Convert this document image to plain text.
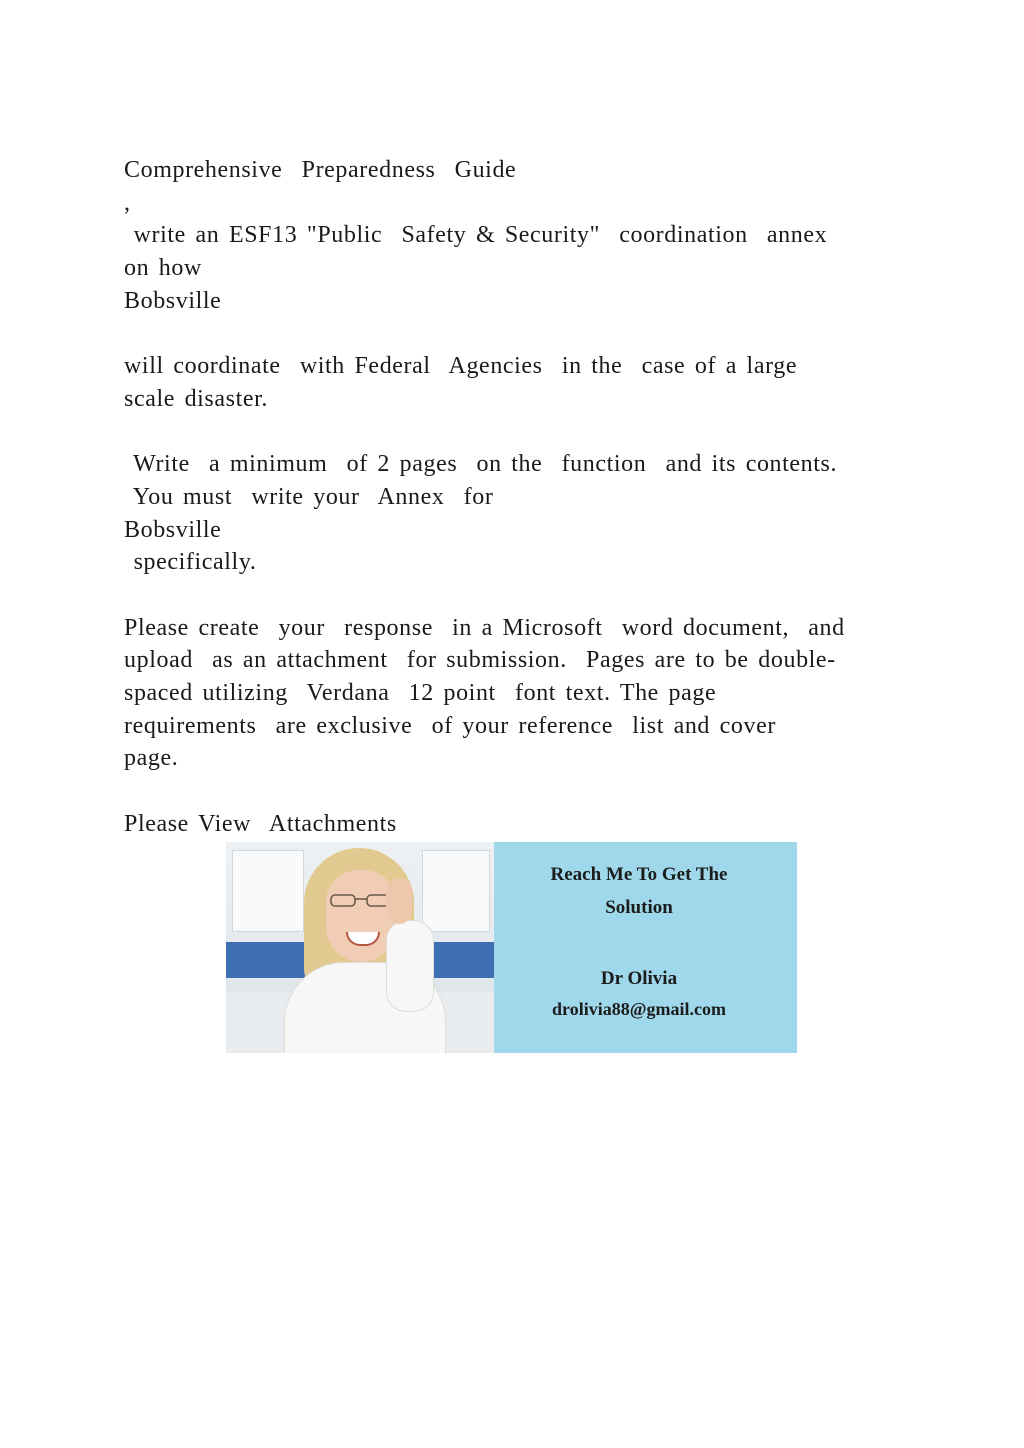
Comprehensive  Preparedness  Guide
,
write an ESF13 "Public  Safety & Security"  coordination  annex
on how
Bobsville
will coordinate  with Federal  Agencies  in the  case of a large
scale disaster.
Write  a minimum  of 2 pages  on the  function  and its contents.
You must  write your  Annex  for
Bobsville
specifically.
Please create  your  response  in a Microsoft  word document,  and
upload  as an attachment  for submission.  Pages are to be double-
spaced utilizing  Verdana  12 point  font text. The page
requirements  are exclusive  of your reference  list and cover
page.
Please View  Attachments
Reach Me To Get The
Solution
Dr Olivia
drolivia88@gmail.com
